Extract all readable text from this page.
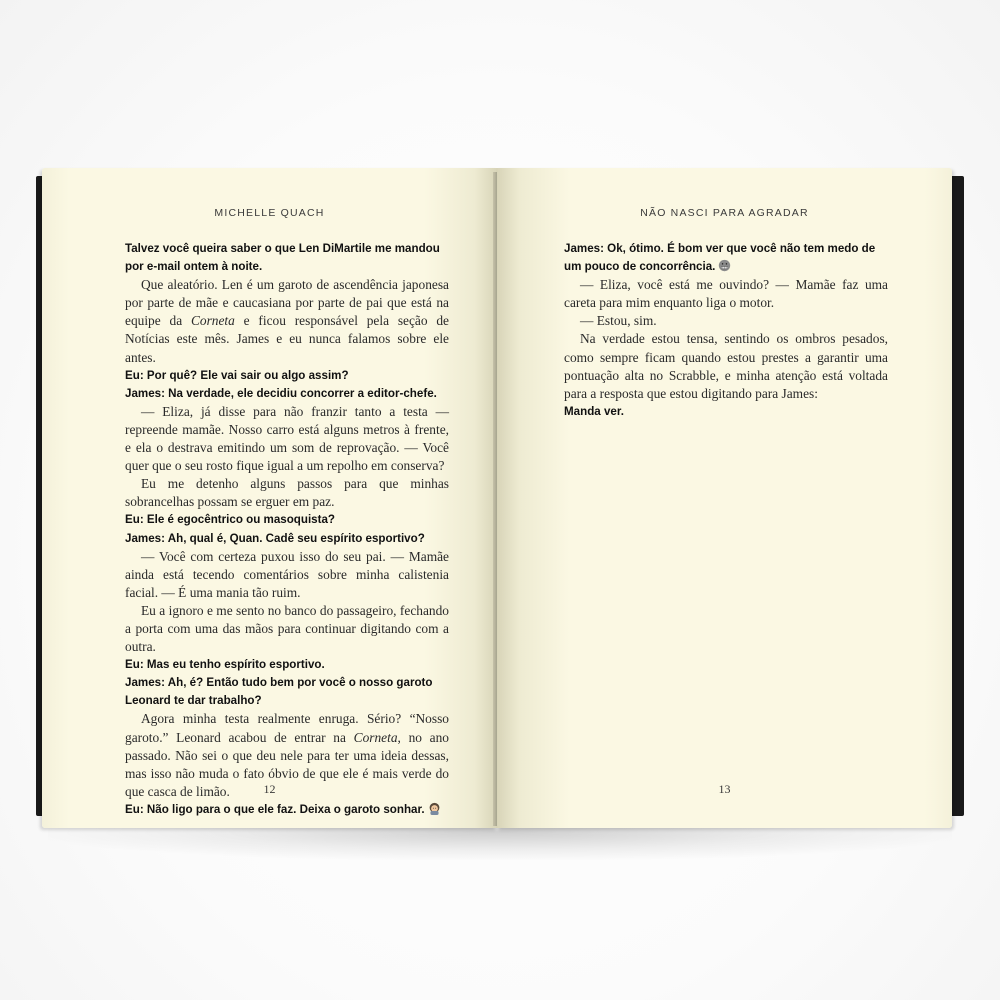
MICHELLE QUACH

Talvez você queira saber o que Len DiMartile me mandou por e-mail ontem à noite.

Que aleatório. Len é um garoto de ascendência japonesa por parte de mãe e caucasiana por parte de pai que está na equipe da Corneta e ficou responsável pela seção de Notícias este mês. James e eu nunca falamos sobre ele antes.

Eu: Por quê? Ele vai sair ou algo assim?

James: Na verdade, ele decidiu concorrer a editor-chefe.

— Eliza, já disse para não franzir tanto a testa — repreende mamãe. Nosso carro está alguns metros à frente, e ela o destrava emitindo um som de reprovação. — Você quer que o seu rosto fique igual a um repolho em conserva?

Eu me detenho alguns passos para que minhas sobrancelhas possam se erguer em paz.

Eu: Ele é egocêntrico ou masoquista?

James: Ah, qual é, Quan. Cadê seu espírito esportivo?

— Você com certeza puxou isso do seu pai. — Mamãe ainda está tecendo comentários sobre minha calistenia facial. — É uma mania tão ruim.

Eu a ignoro e me sento no banco do passageiro, fechando a porta com uma das mãos para continuar digitando com a outra.

Eu: Mas eu tenho espírito esportivo.

James: Ah, é? Então tudo bem por você o nosso garoto Leonard te dar trabalho?

Agora minha testa realmente enruga. Sério? “Nosso garoto.” Leonard acabou de entrar na Corneta, no ano passado. Não sei o que deu nele para ter uma ideia dessas, mas isso não muda o fato óbvio de que ele é mais verde do que casca de limão.

Eu: Não ligo para o que ele faz. Deixa o garoto sonhar.

12
NÃO NASCI PARA AGRADAR

James: Ok, ótimo. É bom ver que você não tem medo de um pouco de concorrência.

— Eliza, você está me ouvindo? — Mamãe faz uma careta para mim enquanto liga o motor.

— Estou, sim.

Na verdade estou tensa, sentindo os ombros pesados, como sempre ficam quando estou prestes a garantir uma pontuação alta no Scrabble, e minha atenção está voltada para a resposta que estou digitando para James:

Manda ver.

13
